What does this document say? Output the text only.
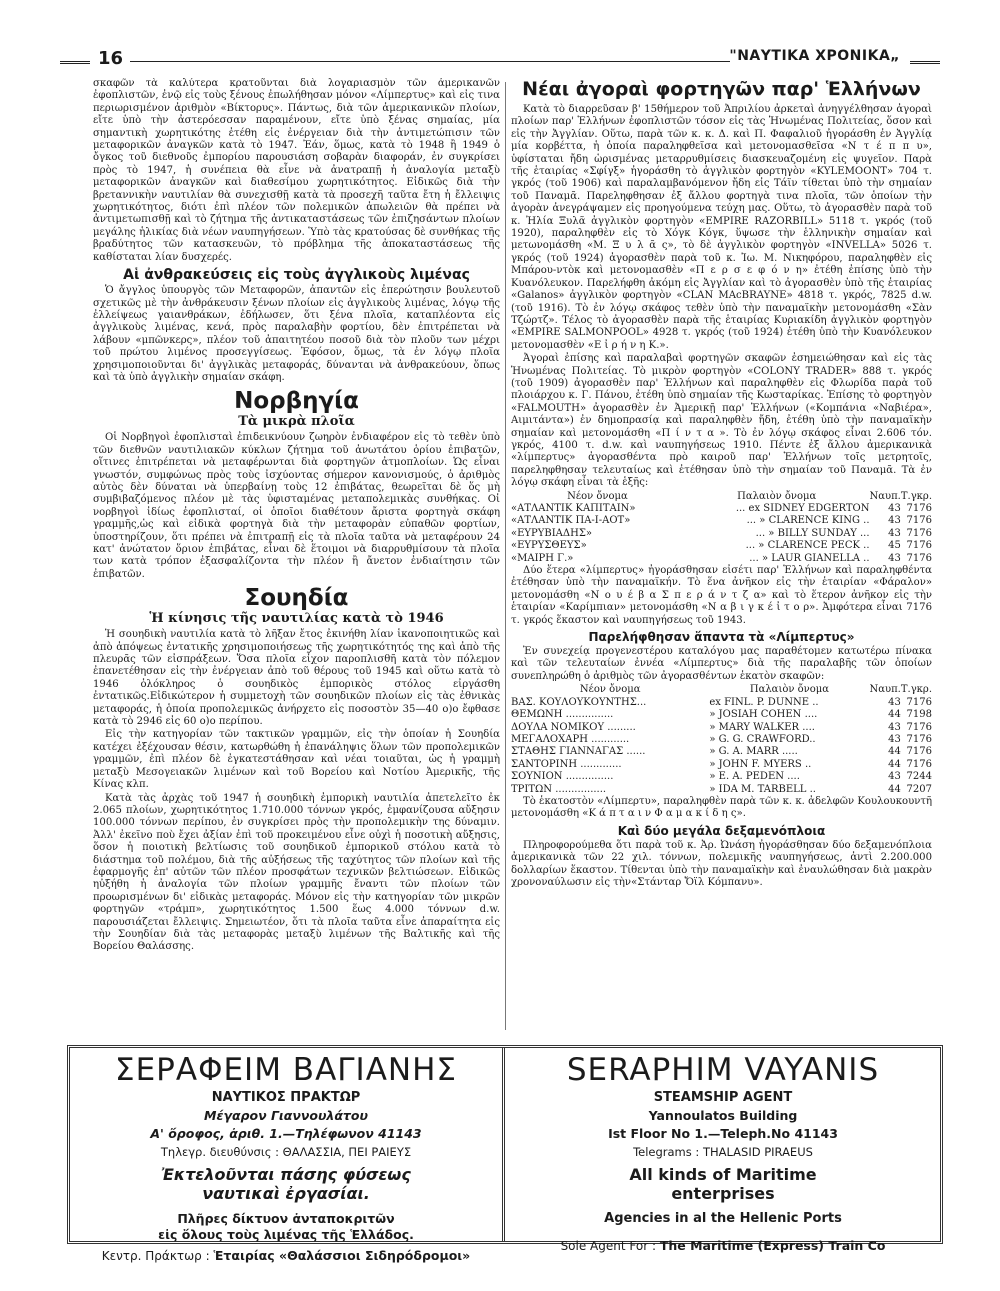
16	"ΝΑΥΤΙΚΑ ΧΡΟΝΙΚΑ„

σκαφῶν τὰ καλύτερα κρατοῦνται διὰ λογαριασμὸν τῶν ἀμερικανῶν ἐφοπλιστῶν, ἐνῷ εἰς τοὺς ξένους ἐπωλήθησαν μόνον «Λίμπερτυς» καὶ εἰς τινα περιωρισμένον ἀριθμὸν «Βίκτορυς». Πάντως, διὰ τῶν ἀμερικανικῶν πλοίων, εἴτε ὑπὸ τὴν ἀστερόεσσαν παραμένουν, εἴτε ὑπὸ ξένας σημαίας, μία σημαντικὴ χωρητικότης ἐτέθη εἰς ἐνέργειαν διὰ τὴν ἀντιμετώπισιν τῶν μεταφορικῶν ἀναγκῶν κατὰ τὸ 1947. Ἐάν, ὅμως, κατὰ τὸ 1948 ἢ 1949 ὁ ὄγκος τοῦ διεθνοῦς ἐμπορίου παρουσιάση σοβαρὰν διαφοράν, ἐν συγκρίσει πρὸς τὸ 1947, ἡ συνέπεια θὰ εἶνε νὰ ἀνατραπῇ ἡ ἀναλογία μεταξὺ μεταφορικῶν ἀναγκῶν καὶ διαθεσίμου χωρητικότητος. Εἰδικῶς διὰ τὴν βρεταννικὴν ναυτιλίαν θὰ συνεχισθῇ κατὰ τὰ προσεχῆ ταῦτα ἔτη ἡ ἔλλειψις χωρητικότητος, διότι ἐπὶ πλέον τῶν πολεμικῶν ἀπωλειῶν θὰ πρέπει νὰ ἀντιμετωπισθῇ καὶ τὸ ζήτημα τῆς ἀντικαταστάσεως τῶν ἐπιζησάντων πλοίων μεγάλης ἡλικίας διὰ νέων ναυπηγήσεων. Ὑπὸ τὰς κρατούσας δὲ συνθήκας τῆς βραδύτητος τῶν κατασκευῶν, τὸ πρόβλημα τῆς ἀποκαταστάσεως τῆς καθίσταται λίαν δυσχερές.

Αἱ ἀνθρακεύσεις εἰς τοὺς ἀγγλικοὺς λιμένας

Ὁ ἄγγλος ὑπουργὸς τῶν Μεταφορῶν, ἀπαντῶν εἰς ἐπερώτησιν βουλευτοῦ σχετικῶς μὲ τὴν ἀνθράκευσιν ξένων πλοίων εἰς ἀγγλικοὺς λιμένας, λόγῳ τῆς ἐλλείψεως γαιανθράκων, ἐδήλωσεν, ὅτι ξένα πλοῖα, καταπλέοντα εἰς ἀγγλικοὺς λιμένας, κενά, πρὸς παραλαβὴν φορτίου, δὲν ἐπιτρέπεται νὰ λάβουν «μπῶνκερς», πλέον τοῦ ἀπαιτητέου ποσοῦ διὰ τὸν πλοῦν των μέχρι τοῦ πρώτου λιμένος προσεγγίσεως. Ἐφόσον, ὅμως, τὰ ἐν λόγῳ πλοῖα χρησιμοποιοῦνται δι' ἀγγλικὰς μεταφοράς, δύνανται νὰ ἀνθρακεύουν, ὅπως καὶ τὰ ὑπὸ ἀγγλικὴν σημαίαν σκάφη.

Νορβηγία
Τὰ μικρὰ πλοῖα

Οἱ Νορβηγοὶ ἐφοπλισταὶ ἐπιδεικνύουν ζωηρὸν ἐνδιαφέρον εἰς τὸ τεθὲν ὑπὸ τῶν διεθνῶν ναυτιλιακῶν κύκλων ζήτημα τοῦ ἀνωτάτου ὁρίου ἐπιβατῶν, οἵτινες ἐπιτρέπεται νὰ μεταφέρωνται διὰ φορτηγῶν ἀτμοπλοίων. Ὡς εἶναι γνωστόν, συμφώνως πρὸς τοὺς ἰσχύοντας σήμερον κανονισμούς, ὁ ἀριθμὸς αὐτὸς δὲν δύναται νὰ ὑπερβαίνῃ τοὺς 12 ἐπιβάτας, θεωρεῖται δὲ ὅς μὴ συμβιβαζόμενος πλέον μὲ τὰς ὑφισταμένας μεταπολεμικὰς συνθήκας. Οἱ νορβηγοὶ ἰδίως ἐφοπλισταί, οἱ ὁποῖοι διαθέτουν ἄριστα φορτηγὰ σκάφη γραμμῆς,ὡς καὶ εἰδικὰ φορτηγὰ διὰ τὴν μεταφορὰν εὐπαθῶν φορτίων, ὑποστηρίζουν, ὅτι πρέπει νὰ ἐπιτραπῇ εἰς τὰ πλοῖα ταῦτα νὰ μεταφέρουν 24 κατ' ἀνώτατον ὅριον ἐπιβάτας, εἶναι δὲ ἕτοιμοι νὰ διαρρυθμίσουν τὰ πλοῖα των κατὰ τρόπον ἐξασφαλίζοντα τὴν πλέον ἢ ἄνετον ἐνδιαίτησιν τῶν ἐπιβατῶν.

Σουηδία
Ἡ κίνησις τῆς ναυτιλίας κατὰ τὸ 1946

Ἡ σουηδικὴ ναυτιλία κατὰ τὸ λῆξαν ἔτος ἐκινήθη λίαν ἱκανοποιητικῶς καὶ ἀπὸ ἀπόψεως ἐντατικῆς χρησιμοποιήσεως τῆς χωρητικότητός της καὶ ἀπὸ τῆς πλευρᾶς τῶν εἰσπράξεων. Ὅσα πλοῖα εἶχον παροπλισθῆ κατὰ τὸν πόλεμον ἐπανετέθησαν εἰς τὴν ἐνέργειαν ἀπὸ τοῦ θέρους τοῦ 1945 καὶ οὕτω κατὰ τὸ 1946 ὁλόκληρος ὁ σουηδικὸς ἐμπορικὸς στόλος εἰργάσθη ἐντατικῶς.Εἰδικώτερον ἡ συμμετοχὴ τῶν σουηδικῶν πλοίων εἰς τὰς ἐθνικὰς μεταφοράς, ἡ ὁποία προπολεμικῶς ἀνήρχετο εἰς ποσοστὸν 35—40 ο)ο ἔφθασε κατὰ τὸ 2946 εἰς 60 ο)ο περίπου.

Εἰς τὴν κατηγορίαν τῶν τακτικῶν γραμμῶν, εἰς τὴν ὁποίαν ἡ Σουηδία κατέχει ἐξέχουσαν θέσιν, κατωρθώθη ἡ ἐπανάληψις ὅλων τῶν προπολεμικῶν γραμμῶν, ἐπὶ πλέον δὲ ἐγκατεστάθησαν καὶ νέαι τοιαῦται, ὡς ἡ γραμμὴ μεταξὺ Μεσογειακῶν λιμένων καὶ τοῦ Βορείου καὶ Νοτίου Ἀμερικῆς, τῆς Κίνας κλπ.

Κατὰ τὰς ἀρχὰς τοῦ 1947 ἡ σουηδικὴ ἐμπορικὴ ναυτιλία ἀπετελεῖτο ἐκ 2.065 πλοίων, χωρητικότητος 1.710.000 τόννων γκρός, ἐμφανίζουσα αὔξησιν 100.000 τόννων περίπου, ἐν συγκρίσει πρὸς τὴν προπολεμικὴν της δύναμιν. Ἀλλ' ἐκεῖνο ποὺ ἔχει ἀξίαν ἐπὶ τοῦ προκειμένου εἶνε οὐχὶ ἡ ποσοτικὴ αὔξησις, ὅσον ἡ ποιοτικὴ βελτίωσις τοῦ σουηδικοῦ ἐμπορικοῦ στόλου κατὰ τὸ διάστημα τοῦ πολέμου, διὰ τῆς αὐξήσεως τῆς ταχύτητος τῶν πλοίων καὶ τῆς ἐφαρμογῆς ἐπ' αὐτῶν τῶν πλέον προσφάτων τεχνικῶν βελτιώσεων. Εἰδικῶς ηὐξήθη ἡ ἀναλογία τῶν πλοίων γραμμῆς ἔναντι τῶν πλοίων τῶν προωρισμένων δι' εἰδικὰς μεταφοράς. Μόνον εἰς τὴν κατηγορίαν τῶν μικρῶν φορτηγῶν «τράμπ», χωρητικότητος 1.500 ἕως 4.000 τόννων d.w. παρουσιάζεται ἔλλειψις. Σημειωτέον, ὅτι τὰ πλοῖα ταῦτα εἶνε ἀπαραίτητα εἰς τὴν Σουηδίαν διὰ τὰς μεταφορὰς μεταξὺ λιμένων τῆς Βαλτικῆς καὶ τῆς Βορείου Θαλάσσης.

Νέαι ἀγοραὶ φορτηγῶν παρ' Ἑλλήνων

Κατὰ τὸ διαρρεῦσαν β' 15θήμερον τοῦ Ἀπριλίου ἀρκεταὶ ἀνηγγέλθησαν ἀγοραὶ πλοίων παρ' Ἑλλήνων ἐφοπλιστῶν τόσον εἰς τὰς Ἡνωμένας Πολιτείας, ὅσον καὶ εἰς τὴν Ἀγγλίαν. Οὕτω, παρὰ τῶν κ. κ. Δ. καὶ Π. Φαφαλιοῦ ἠγοράσθη ἐν Ἀγγλίᾳ μία κορβέττα, ἡ ὁποία παραληφθεῖσα καὶ μετονομασθεῖσα «Ν τ έ π π υ», ὑφίσταται ἤδη ὡρισμένας μεταρρυθμίσεις διασκευαζομένη εἰς ψυγεῖον. Παρὰ τῆς ἑταιρίας «Σφίγξ» ἠγοράσθη τὸ ἀγγλικὸν φορτηγὸν «KYLEMOONT» 704 τ. γκρός (τοῦ 1906) καὶ παραλαμβανόμενον ἤδη εἰς Τάϊν τίθεται ὑπὸ τὴν σημαίαν τοῦ Παναμᾶ. Παρεληφθησαν ἐξ ἄλλου φορτηγὰ τινα πλοῖα, τῶν ὁποίων τὴν ἀγορὰν ἀνεγράψαμεν εἰς προηγούμενα τεύχη μας. Οὕτω, τὸ ἀγορασθὲν παρὰ τοῦ κ. Ἠλία Ξυλᾶ ἀγγλικὸν φορτηγὸν «EMPIRE RAZORBILL» 5118 τ. γκρός (τοῦ 1920), παραληφθὲν εἰς τὸ Χόγκ Κόγκ, ὕψωσε τὴν ἑλληνικὴν σημαίαν καὶ μετωνομάσθη «Μ. Ξ υ λ ᾶ ς», τὸ δὲ ἀγγλικὸν φορτηγὸν «INVELLA» 5026 τ. γκρός (τοῦ 1924) ἀγορασθὲν παρὰ τοῦ κ. Ἰω. Μ. Νικηφόρου, παραληφθὲν εἰς Μπάρου-ντὸκ καὶ μετονομασθὲν «Π ε ρ σ ε φ ό ν η» ἐτέθη ἐπίσης ὑπὸ τὴν Κυανόλευκον. Παρελήφθη ἀκόμη εἰς Ἀγγλίαν καὶ τὸ ἀγορασθὲν ὑπὸ τῆς ἑταιρίας «Galanos» ἀγγλικὸν φορτηγὸν «CLAN MAcBRAYNE» 4818 τ. γκρός, 7825 d.w. (τοῦ 1916). Τὸ ἐν λόγῳ σκάφος τεθὲν ὑπὸ τὴν παναμαϊκὴν μετονομάσθη «Σὰν Τζώρτζ». Τέλος τὸ ἀγορασθὲν παρὰ τῆς ἑταιρίας Κυριακίδη ἀγγλικὸν φορτηγὸν «EMPIRE SALMONPOOL» 4928 τ. γκρός (τοῦ 1924) ἐτέθη ὑπὸ τὴν Κυανόλευκον μετονομασθὲν «Ε ἰ ρ ή ν η Κ.».

Ἀγοραὶ ἐπίσης καὶ παραλαβαὶ φορτηγῶν σκαφῶν ἐσημειώθησαν καὶ εἰς τὰς Ἡνωμένας Πολιτείας. Τὸ μικρὸν φορτηγὸν «COLONY TRADER» 888 τ. γκρός (τοῦ 1909) ἀγορασθὲν παρ' Ἑλλήνων καὶ παραληφθὲν εἰς Φλωρίδα παρὰ τοῦ πλοιάρχου κ. Γ. Πάνου, ἐτέθη ὑπὸ σημαίαν τῆς Κωσταρίκας. Ἐπίσης τὸ φορτηγὸν «FALMOUTH» ἀγορασθὲν ἐν Ἀμερικῇ παρ' Ἑλλήνων («Κομπάνια «Ναβιέρα», Αιμιτάντα») ἐν δημοπρασίᾳ καὶ παραληφθὲν ἤδη, ἐτέθη ὑπὸ τὴν παναμαϊκὴν σημαίαν καὶ μετονομάσθη «Π ί ν τ α ». Τὸ ἐν λόγῳ σκάφος εἶναι 2.606 τόν. γκρός, 4100 τ. d.w. καὶ ναυπηγήσεως 1910. Πέντε ἐξ ἄλλου ἀμερικανικὰ «λίμπερτυς» ἀγορασθέντα πρὸ καιροῦ παρ' Ἑλλήνων τοῖς μετρητοῖς, παρεληφθησαν τελευταίως καὶ ἐτέθησαν ὑπὸ τὴν σημαίαν τοῦ Παναμᾶ. Τὰ ἐν λόγῳ σκάφη εἶναι τὰ ἑξῆς:

Νέον ὄνομα	Παλαιὸν ὄνομα	Ναυπ.	Τ.γκρ.
«ΑΤΛΑΝΤΙΚ ΚΑΠΙΤΑΙΝ»	... ex SIDNEY EDGERTON	43	7176
«ΑΤΛΑΝΤΙΚ ΠΑ-Ι-ΑΟΤ»	... » CLARENCE KING ..	43	7176
«ΕΥΡΥΒΙΑΔΗΣ»	... » BILLY SUNDAY ...	43	7176
«ΕΥΡΥΣΘΕΥΣ»	... » CLARENCE PECK ..	45	7176
«ΜΑΙΡΗ Γ.»	... » LAUR GIANELLA ..	43	7176

Δύο ἕτερα «λίμπερτυς» ἠγοράσθησαν εἰσέτι παρ' Ἑλλήνων καὶ παραληφθέντα ἐτέθησαν ὑπὸ τὴν παναμαϊκήν. Τὸ ἕνα ἀνῆκον εἰς τὴν ἑταιρίαν «Φάραλον» μετονομάσθη «Ν ο υ έ β α Σ π ε ρ ά ν τ ζ α» καὶ τὸ ἕτερον ἀνῆκον εἰς τὴν ἑταιρίαν «Καρίμπιαν» μετονομάσθη «Ν α β ι γ κ έ ἰ τ ο ρ». Ἀμφότερα εἶναι 7176 τ. γκρός ἕκαστον καὶ ναυπηγήσεως τοῦ 1943.

Παρελήφθησαν ἅπαντα τὰ «Λίμπερτυς»

Ἐν συνεχείᾳ προγενεστέρου καταλόγου μας παραθέτομεν κατωτέρω πίνακα καὶ τῶν τελευταίων ἐννέα «Λίμπερτυς» διὰ τῆς παραλαβῆς τῶν ὁποίων συνεπληρώθη ὁ ἀριθμὸς τῶν ἀγορασθέντων ἑκατὸν σκαφῶν:

Νέον ὄνομα	Παλαιὸν ὄνομα	Ναυπ.	Τ.γκρ.
ΒΑΣ. ΚΟΥΛΟΥΚΟΥΝΤΗΣ...	ex FINL. P. DUNNE ..	43	7176
ΘΕΜΩΝΗ ...............	» JOSIAH COHEN ....	44	7198
ΔΟΥΛΑ ΝΟΜΙΚΟΥ .........	» MARY WALKER ....	43	7176
ΜΕΓΑΛΟΧΑΡΗ ............	» G. G. CRAWFORD..	43	7176
ΣΤΑΘΗΣ ΓΙΑΝΝΑΓΑΣ ......	» G. A. MARR .....	44	7176
ΣΑΝΤΟΡΙΝΗ .............	» JOHN F. MYERS ..	44	7176
ΣΟΥΝΙΟΝ ...............	» E. A. PEDEN ....	43	7244
ΤΡΙΤΩΝ ................	» IDA M. TARBELL ..	44	7207

Τὸ ἑκατοστὸν «Λίμπερτυ», παραληφθὲν παρὰ τῶν κ. κ. ἀδελφῶν Κουλουκουντῆ μετονομάσθη «Κ ά π τ α ι ν Φ α μ α κ ί δ η ς».

Καὶ δύο μεγάλα δεξαμενόπλοια

Πληροφορούμεθα ὅτι παρὰ τοῦ κ. Ἀρ. Ὠνάση ἠγοράσθησαν δύο δεξαμενόπλοια ἀμερικανικὰ τῶν 22 χιλ. τόννων, πολεμικῆς ναυπηγήσεως, ἀντὶ 2.200.000 δολλαρίων ἕκαστον. Τίθενται ὑπὸ τὴν παναμαϊκὴν καὶ ἐναυλώθησαν διὰ μακρὰν χρονοναύλωσιν εἰς τὴν«Στάνταρ Ὄϊλ Κόμπανυ».

ΣΕΡΑΦΕΙΜ ΒΑΓΙΑΝΗΣ
ΝΑΥΤΙΚΟΣ ΠΡΑΚΤΩΡ
Μέγαρον Γιαννουλάτου
Α' ὄροφος, ἀριθ. 1.—Τηλέφωνον 41143
Τηλεγρ. διευθύνσις : ΘΑΛΑΣΣΙΑ, ΠΕΙ ΡΑΙΕΥΣ
Ἐκτελοῦνται πάσης φύσεως
ναυτικαὶ ἐργασίαι.
Πλῆρες δίκτυον ἀνταποκριτῶν
εἰς ὅλους τοὺς λιμένας τῆς Ἑλλάδος.
Κεντρ. Πράκτωρ : Ἑταιρίας «Θαλάσσιοι Σιδηρόδρομοι»
SERAPHIM VAYANIS
STEAMSHIP AGENT
Yannoulatos Building
Ist Floor No 1.—Teleph.No 41143
Telegrams : THALASID PIRAEUS
All kinds of Maritime
enterprises
Agencies in al the Hellenic Ports
Sole Agent For : The Maritime (Express) Train Co
